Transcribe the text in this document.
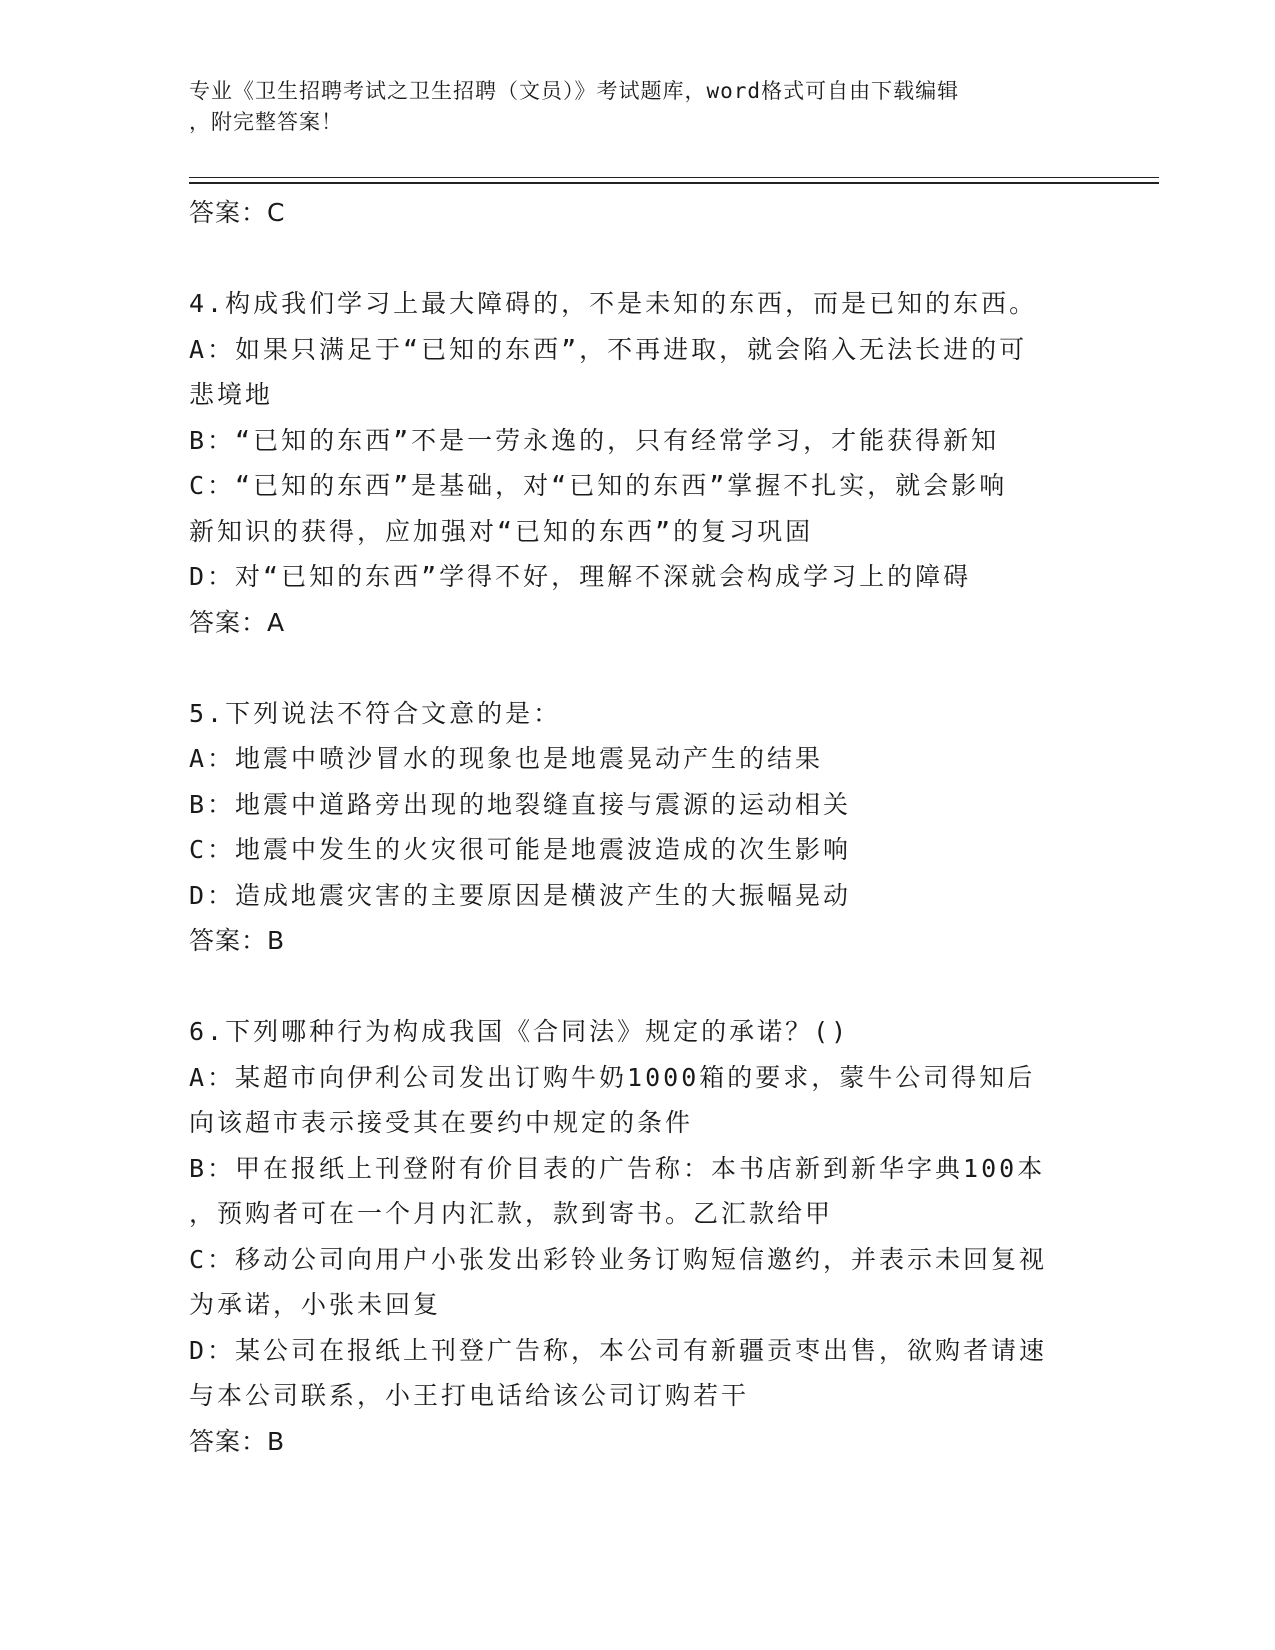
专业《卫生招聘考试之卫生招聘（文员）》考试题库，word格式可自由下载编辑
，附完整答案！
答案：C
4.构成我们学习上最大障碍的，不是未知的东西，而是已知的东西。
A：如果只满足于“已知的东西”，不再进取，就会陷入无法长进的可
悲境地
B：“已知的东西”不是一劳永逸的，只有经常学习，才能获得新知
C：“已知的东西”是基础，对“已知的东西”掌握不扎实，就会影响
新知识的获得，应加强对“已知的东西”的复习巩固
D：对“已知的东西”学得不好，理解不深就会构成学习上的障碍
答案：A
5.下列说法不符合文意的是：
A：地震中喷沙冒水的现象也是地震晃动产生的结果
B：地震中道路旁出现的地裂缝直接与震源的运动相关
C：地震中发生的火灾很可能是地震波造成的次生影响
D：造成地震灾害的主要原因是横波产生的大振幅晃动
答案：B
6.下列哪种行为构成我国《合同法》规定的承诺？()
A：某超市向伊利公司发出订购牛奶1000箱的要求，蒙牛公司得知后
向该超市表示接受其在要约中规定的条件
B：甲在报纸上刊登附有价目表的广告称：本书店新到新华字典100本
，预购者可在一个月内汇款，款到寄书。乙汇款给甲
C：移动公司向用户小张发出彩铃业务订购短信邀约，并表示未回复视
为承诺，小张未回复
D：某公司在报纸上刊登广告称，本公司有新疆贡枣出售，欲购者请速
与本公司联系，小王打电话给该公司订购若干
答案：B
